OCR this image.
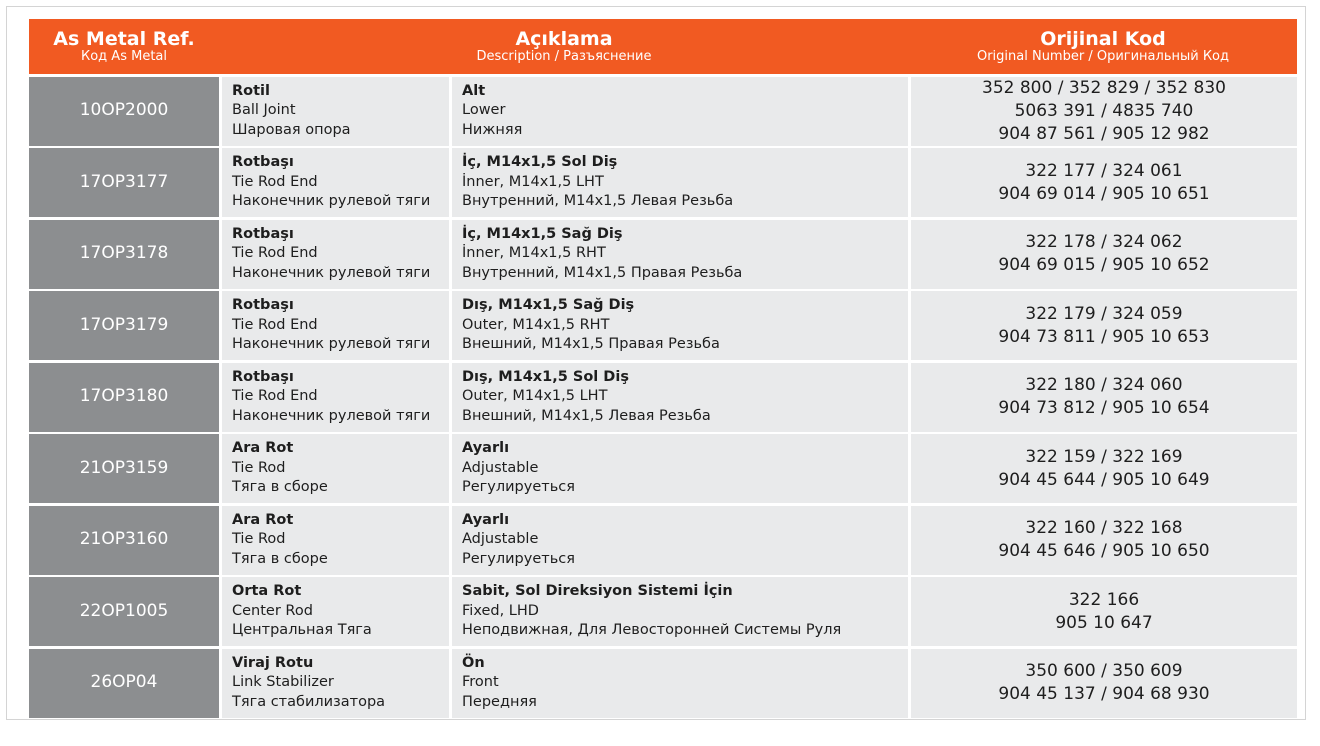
As Metal Ref.
Код As Metal
Açıklama
Description / Разъяснение
Orijinal Kod
Original Number / Оригинальный Код
10OP2000
Rotil
Ball Joint
Шаровая опора
Alt
Lower
Нижняя
352 800 / 352 829 / 352 830
5063 391 / 4835 740
904 87 561 / 905 12 982
17OP3177
Rotbaşı
Tie Rod End
Наконечник рулевой тяги
İç, M14x1,5 Sol Diş
İnner, M14x1,5 LHT
Внутренний, M14x1,5 Левая Резьба
322 177 / 324 061
904 69 014 / 905 10 651
17OP3178
Rotbaşı
Tie Rod End
Наконечник рулевой тяги
İç, M14x1,5 Sağ Diş
İnner, M14x1,5 RHT
Внутренний, M14x1,5 Правая Резьба
322 178 / 324 062
904 69 015 / 905 10 652
17OP3179
Rotbaşı
Tie Rod End
Наконечник рулевой тяги
Dış, M14x1,5 Sağ Diş
Outer, M14x1,5 RHT
Внешний, M14x1,5 Правая Резьба
322 179 / 324 059
904 73 811 / 905 10 653
17OP3180
Rotbaşı
Tie Rod End
Наконечник рулевой тяги
Dış, M14x1,5 Sol Diş
Outer, M14x1,5 LHT
Внешний, M14x1,5 Левая Резьба
322 180 / 324 060
904 73 812 / 905 10 654
21OP3159
Ara Rot
Tie Rod
Тяга в сборе
Ayarlı
Adjustable
Регулируеться
322 159 / 322 169
904 45 644 / 905 10 649
21OP3160
Ara Rot
Tie Rod
Тяга в сборе
Ayarlı
Adjustable
Регулируеться
322 160 / 322 168
904 45 646 / 905 10 650
22OP1005
Orta Rot
Center Rod
Центральная Тяга
Sabit, Sol Direksiyon Sistemi İçin
Fixed, LHD
Неподвижная, Для Левосторонней Системы Руля
322 166
905 10 647
26OP04
Viraj Rotu
Link Stabilizer
Тяга стабилизатора
Ön
Front
Передняя
350 600 / 350 609
904 45 137 / 904 68 930
